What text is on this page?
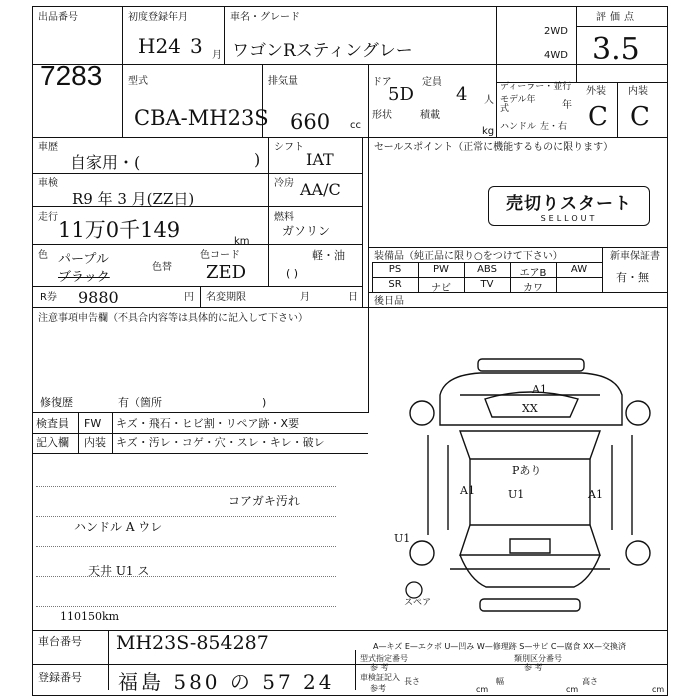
出品番号
7283
初度登録年月
H24 3 月
車名・グレード
ワゴンRスティングレー
2WD
4WD
評価点
3.5
型式
CBA-MH23S
排気量
660 cc
ドア
5D
定員
4 人
形状	積載
kg
ディーラー・並行
モデル年式	年
ハンドル 左・右
外装 内装
C C
車歴
自家用・(	)
シフト
IAT
車検
R9 年 3 月(ZZ日)
冷房 AA/C
走行
11万0千149	km
燃料
ガソリン
軽・油
( )
色 パープル
ブラック
色替
色コード
ZED
R券 9880	円 名変期限	月	日
セールスポイント（正常に機能するものに限ります）
売切りスタート
SELLOUT
装備品（純正品に限り○をつけて下さい）
PS	PW	ABS	エアB	AW
SR	ナビ	TV	カワ
新車保証書
有・無
後日品
注意事項申告欄（不具合内容等は具体的に記入して下さい）
修復歴	有（箇所	)
検査員
記入欄
FW キズ・飛石・ヒビ割・リペア跡・X要
内装 キズ・汚レ・コゲ・穴・スレ・キレ・破レ
コアガキ汚れ
ハンドル A ウレ
天井 U1 ス
110150km
A1
XX
Pあり
A1	U1	A1
U1
スペア
車台番号 MH23S-854287
登録番号 福島 580 の 57 24
A—キズ E—エクボ U—凹み W—修理跡 S—サビ C—腐食 XX—交換済
型式指定番号
参 考
類別区分番号
参 考
車検証記入
参考
長さ
cm
幅
cm
高さ
cm
